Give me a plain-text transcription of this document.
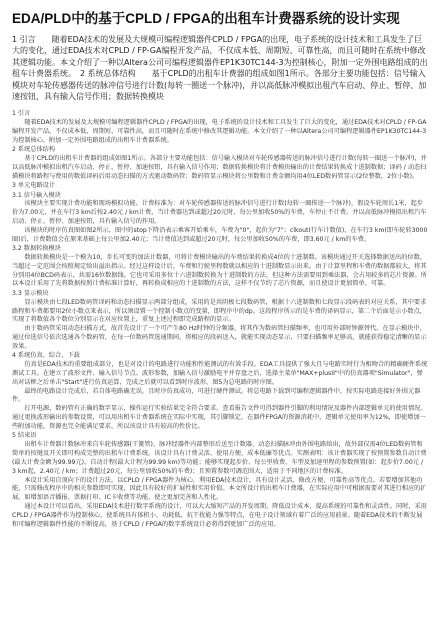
EDA/PLD中的基于CPLD / FPGA的出租车计费器系统的设计实现

1 引言　　随着EDA技术的发展及大规模可编程逻辑器件CPLD / FPGA的出现，电子系统的设计技术和工具发生了巨大的变化，通过EDA技术对CPLD / FP-GA编程开发产品，不仅成本低、周期短、可靠性高，而且可随时在系统中修改其逻辑功能。本文介绍了一种以Altera公司可编程逻辑器件EP1K30TC144-3为控制核心，附加一定外围电路组成的出租车计费器系统。　2 系统总体结构　　基于CPLD的出租车计费器的组成如图1所示。各部分主要功能包括：信号输入模块对车轮传感器传送的脉冲信号进行计数(每转一圈送一个脉冲)，并以高低脉冲模拟出租汽车启动、停止、暂停、加速按钮，具有输入信号作用；数据转换模块

1 引言

　　随着EDA技术的发展及大规模可编程逻辑器件CPLD / FPGA的出现，电子系统的设计技术和工具发生了巨大的变化，通过EDA技术对CPLD / FP-GA编程开发产品，不仅成本低、周期短、可靠性高，而且可随时在系统中修改其逻辑功能。本文介绍了一种以Altera公司可编程逻辑器件EP1K30TC144-3为控制核心，附加一定外围电路组成的出租车计费器系统。

2 系统总体结构

　　基于CPLD的出租车计费器的组成如图1所示。各部分主要功能包括：信号输入模块对车轮传感器传送的脉冲信号进行计数(每转一圈送一个脉冲)，并以高低脉冲模拟出租汽车启动、停止、暂停、加速按钮，具有输入信号作用；数据转换模块将计费模块输出的计费结果转换成十进制数据；译码 / 动态扫描模块将路程与费用的数值译码后用动态扫描的方式驱动数码管；数码管显示模块将公里数和计费金额均用4位LED数码管显示(2位整数，2位小数)。

3 单元电路设计

3.1 信号输入模块

　　该模块主要实现计费功能和现场模拟功能。计费标准为：对车轮传感器传送的脉冲信号进行计数(每转一圈传送一个脉冲)，假设车轮周长1米，起步价为7.00元，并在车行3 km后按2.40元 / km计费，当计费器达到或超过20元时，每公里加收50%的车费，车停止不计费。并以高低脉冲模拟出租汽车启动、停止、暂停、加速按钮，具有输入信号的作用。

　　该模块的时序仿真图如图2所示，图中的stop下降沿表示乘客开始乘车，车费为"0"，起价为"7"；clkout(行车计数值)，在车行3 km(即车轮转3000圈)后，计费数值会在原来基础上每公里加2.40元；当计费值达到或超过20元时，每公里加收50%的车费，即3.60元 / km的车费。

3.2 数据转换模块

　　数据转换模块是一个模为10，步长可变的加法计数器，可将计费模块输出的车费结果转换成4位的十进制数。该模块通过开关选择数据送出的位数，当超过一定范围会按照规定给出溢出指示。经过这样设计后，车费和行驶里程数就以相应的十进制数显示出来。由于计算里程和车费的数据都较大，将其分别用4位BCD码表示，共需16位数据线。它也可采用多位十六进制数转换为十进制数的方法，但这种方法需要用到乘法器，会占用较多的芯片资源。所以本设计采用了先将数据按照计费标准计算好，再转换成相应的十进制数的方法，这样不仅节约了芯片资源，而且使设计更加简单、可靠。

3.3 显示模块

　　显示模块由七段LED数码管译码和动态扫描显示两部分组成。采用的是共阴极七段数码管，根据十六进制数和七段显示段码表的对应关系，其中要求路程和车费都要用2位小数点来表示，所以须设置一个控制小数点的变量，即程序中的dp。这段程序所示的是车费的译码显示，第二个后面是示小数点，实现了将数值各个数位分别显示在对应位置上，重复上述过程即完成路程的显示。

　　由于数码管采用动态扫描方式，故首先设计了一个可产生80 Hz时钟的分频器，将其作为数码管扫描频率，也可用外部时钟源替代。在显示模块中，通过位选信号依次选通各个数码管，在每一位数码管选通期间，将相应的段码送入，就能实现动态显示，只要扫描频率足够高，就能获得稳定清晰的显示效果。

4 系统仿真、综合、下载

　　仿真是EDA技术的重要组成部分，也是对设计的电路进行功能和性能测试的有效手段。EDA工具提供了强大且与电路实时行为相吻合的精确硬件系统测试工具。在建立了波形文件、输入信号节点、波形参数，加输入信号激励电平并存盘之后，选择主菜单"MAX+plusII"中的仿真器项"Simulator"，弹出对话框之后单击"Start"进行仿真运算，完成之后就可以看到时序波形，图5为总电路的时序图。

　　最终的电路设计完成后，若自体电路确无误，且时序仿真成功，可进行硬件测试。将总电路下载到可编程逻辑器件中，按实际电路连接好外围元器件。

　　打开电源，数码管有正确的数字显示，操作运行实验结果完全符合要求。查看报告文件可得到器件引脚的利用情况及器件内部逻辑单元的使用情况。通过更换波形输出的参数设置，可以用出租车计费器系统在实际中实现，其引脚锁定，在器件FPGA的资源消耗中，逻辑单元使用率为12%，即使增加一些附加功能，资源也完全能满足要求，所以该设计具有较高的性价比。

5 结束语

　　出租车计费器计数脉冲来自车轮传感器(干簧管)，脉冲经器件内部整形后送至计数器，动态扫描脉冲由外围电路给出，故外部仅需4位LED数码管和简单的按键及开关即可构成完整的出租车计费系统。该设计具有计费灵活、使用方便、成本低廉等优点。实测表明：该计费器实现了按预置参数自动计费(最大计费金额为99.99元)、自动计程(最大计程为99.99 km)等功能；能够实现起步价、每公里收费、车型及加速里程的参数预置(如：起步价7.00元 / 3 km起，2.40元 / km；计费超过20元，每公里加收50%的车费)；且预置参数可调范围大，适用于不同地区的计费标准。

　　本设计采用自顶向下的设计方法，以CPLD / FPGA器件为核心，利用EDA技术设计，具有设计灵活、修改方便、可靠性高等优点。若要增加其他功能，只需修改程序中的相关参数即可实现，因此具有较好的扩展性和实用价值。本文所设计的出租车计费器，在实际应用中可根据需要对其进行相应的扩展，如增加语音播报、票据打印、IC卡收费等功能，使之更加完善和人性化。

　　通过本设计可以看出，采用EDA技术进行数字系统的设计，可以大大缩短产品的开发周期，降低设计成本，提高系统的可靠性和灵活性。同时，采用CPLD / FPGA器件作为控制核心，使系统具有体积小、功耗低、抗干扰能力强等特点，在电子设计领域有着广泛的应用前景。随着EDA技术的不断发展和可编程逻辑器件性能的不断提高，基于CPLD / FPGA的数字系统设计必将得到更加广泛的应用。
